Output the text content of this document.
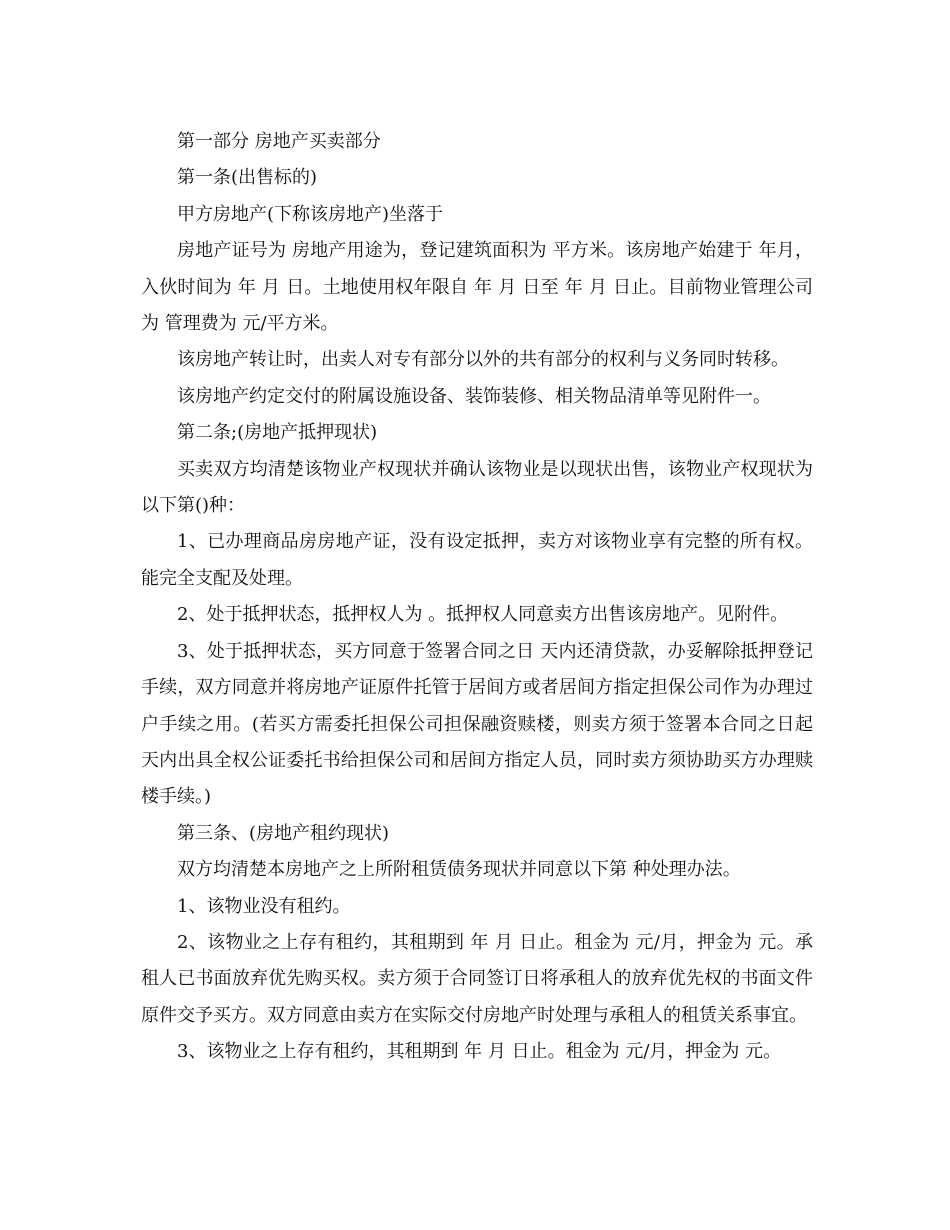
第一部分 房地产买卖部分

第一条(出售标的)

甲方房地产(下称该房地产)坐落于

房地产证号为 房地产用途为，登记建筑面积为 平方米。该房地产始建于 年月，入伙时间为 年 月 日。土地使用权年限自 年 月 日至 年 月 日止。目前物业管理公司为 管理费为 元/平方米。

该房地产转让时，出卖人对专有部分以外的共有部分的权利与义务同时转移。

该房地产约定交付的附属设施设备、装饰装修、相关物品清单等见附件一。

第二条;(房地产抵押现状)

买卖双方均清楚该物业产权现状并确认该物业是以现状出售，该物业产权现状为以下第()种：

1、已办理商品房房地产证，没有设定抵押，卖方对该物业享有完整的所有权。能完全支配及处理。

2、处于抵押状态，抵押权人为 。抵押权人同意卖方出售该房地产。见附件。

3、处于抵押状态，买方同意于签署合同之日 天内还清贷款，办妥解除抵押登记手续，双方同意并将房地产证原件托管于居间方或者居间方指定担保公司作为办理过户手续之用。(若买方需委托担保公司担保融资赎楼，则卖方须于签署本合同之日起 天内出具全权公证委托书给担保公司和居间方指定人员，同时卖方须协助买方办理赎楼手续。)

第三条、(房地产租约现状)

双方均清楚本房地产之上所附租赁债务现状并同意以下第 种处理办法。

1、该物业没有租约。

2、该物业之上存有租约，其租期到 年 月 日止。租金为 元/月，押金为 元。承租人已书面放弃优先购买权。卖方须于合同签订日将承租人的放弃优先权的书面文件原件交予买方。双方同意由卖方在实际交付房地产时处理与承租人的租赁关系事宜。

3、该物业之上存有租约，其租期到 年 月 日止。租金为 元/月，押金为 元。
